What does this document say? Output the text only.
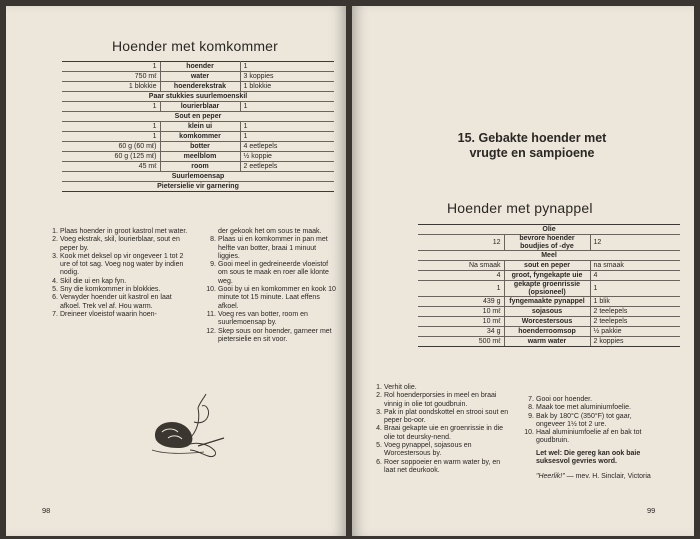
Hoender met komkommer
1	hoender	1
750 mℓ	water	3 koppies
1 blokkie	hoenderekstrak	1 blokkie
Paar stukkies suurlemoenskil		
1	lourierblaar	1
Sout en peper		
1	klein ui	1
1	komkommer	1
60 g (60 mℓ)	botter	4 eetlepels
60 g (125 mℓ)	meelblom	½ koppie
45 mℓ	room	2 eetlepels
Suurlemoensap		
Pietersielie vir garnering		
1. Plaas hoender in groot kastrol met water.
2. Voeg ekstrak, skil, lourierblaar, sout en peper by.
3. Kook met deksel op vir ongeveer 1 tot 2 ure of tot sag. Voeg nog water by indien nodig.
4. Skil die ui en kap fyn.
5. Sny die komkommer in blokkies.
6. Verwyder hoender uit kastrol en laat afkoel. Trek vel af. Hou warm.
7. Dreineer vloeistof waarin hoen-
der gekook het om sous te maak.
8. Plaas ui en komkommer in pan met helfte van botter, braai 1 minuut liggies.
9. Gooi meel in gedreineerde vloeistof om sous te maak en roer alle klonte weg.
10. Gooi by ui en komkommer en kook 10 minute tot 15 minute. Laat effens afkoel.
11. Voeg res van botter, room en suurlemoensap by.
12. Skep sous oor hoender, garneer met pietersielie en sit voor.
98
15. Gebakte hoender met
vrugte en sampioene
Hoender met pynappel
Olie		
12	bevrore hoender boudjies of -dye	12
Meel		
Na smaak	sout en peper	na smaak
4	groot, fyngekapte uie	4
1	gekapte groenrissie (opsioneel)	1
439 g	fyngemaakte pynappel	1 blik
10 mℓ	sojasous	2 teelepels
10 mℓ	Worcestersous	2 teelepels
34 g	hoenderroomsop	½ pakkie
500 mℓ	warm water	2 koppies
1. Verhit olie.
2. Rol hoenderporsies in meel en braai vinnig in olie tot goudbruin.
3. Pak in plat oondskottel en strooi sout en peper bo-oor.
4. Braai gekapte uie en groenrissie in die olie tot deursky-nend.
5. Voeg pynappel, sojasous en Worcestersous by.
6. Roer soppoeier en warm water by, en laat net deurkook.
7. Gooi oor hoender.
8. Maak toe met aluminiumfoelie.
9. Bak by 180°C (350°F) tot gaar, ongeveer 1½ tot 2 ure.
10. Haal aluminiumfoelie af en bak tot goudbruin.
Let wel: Die gereg kan ook baie suksesvol gevries word.
"Heerlik!" — mev. H. Sinclair, Victoria
99
